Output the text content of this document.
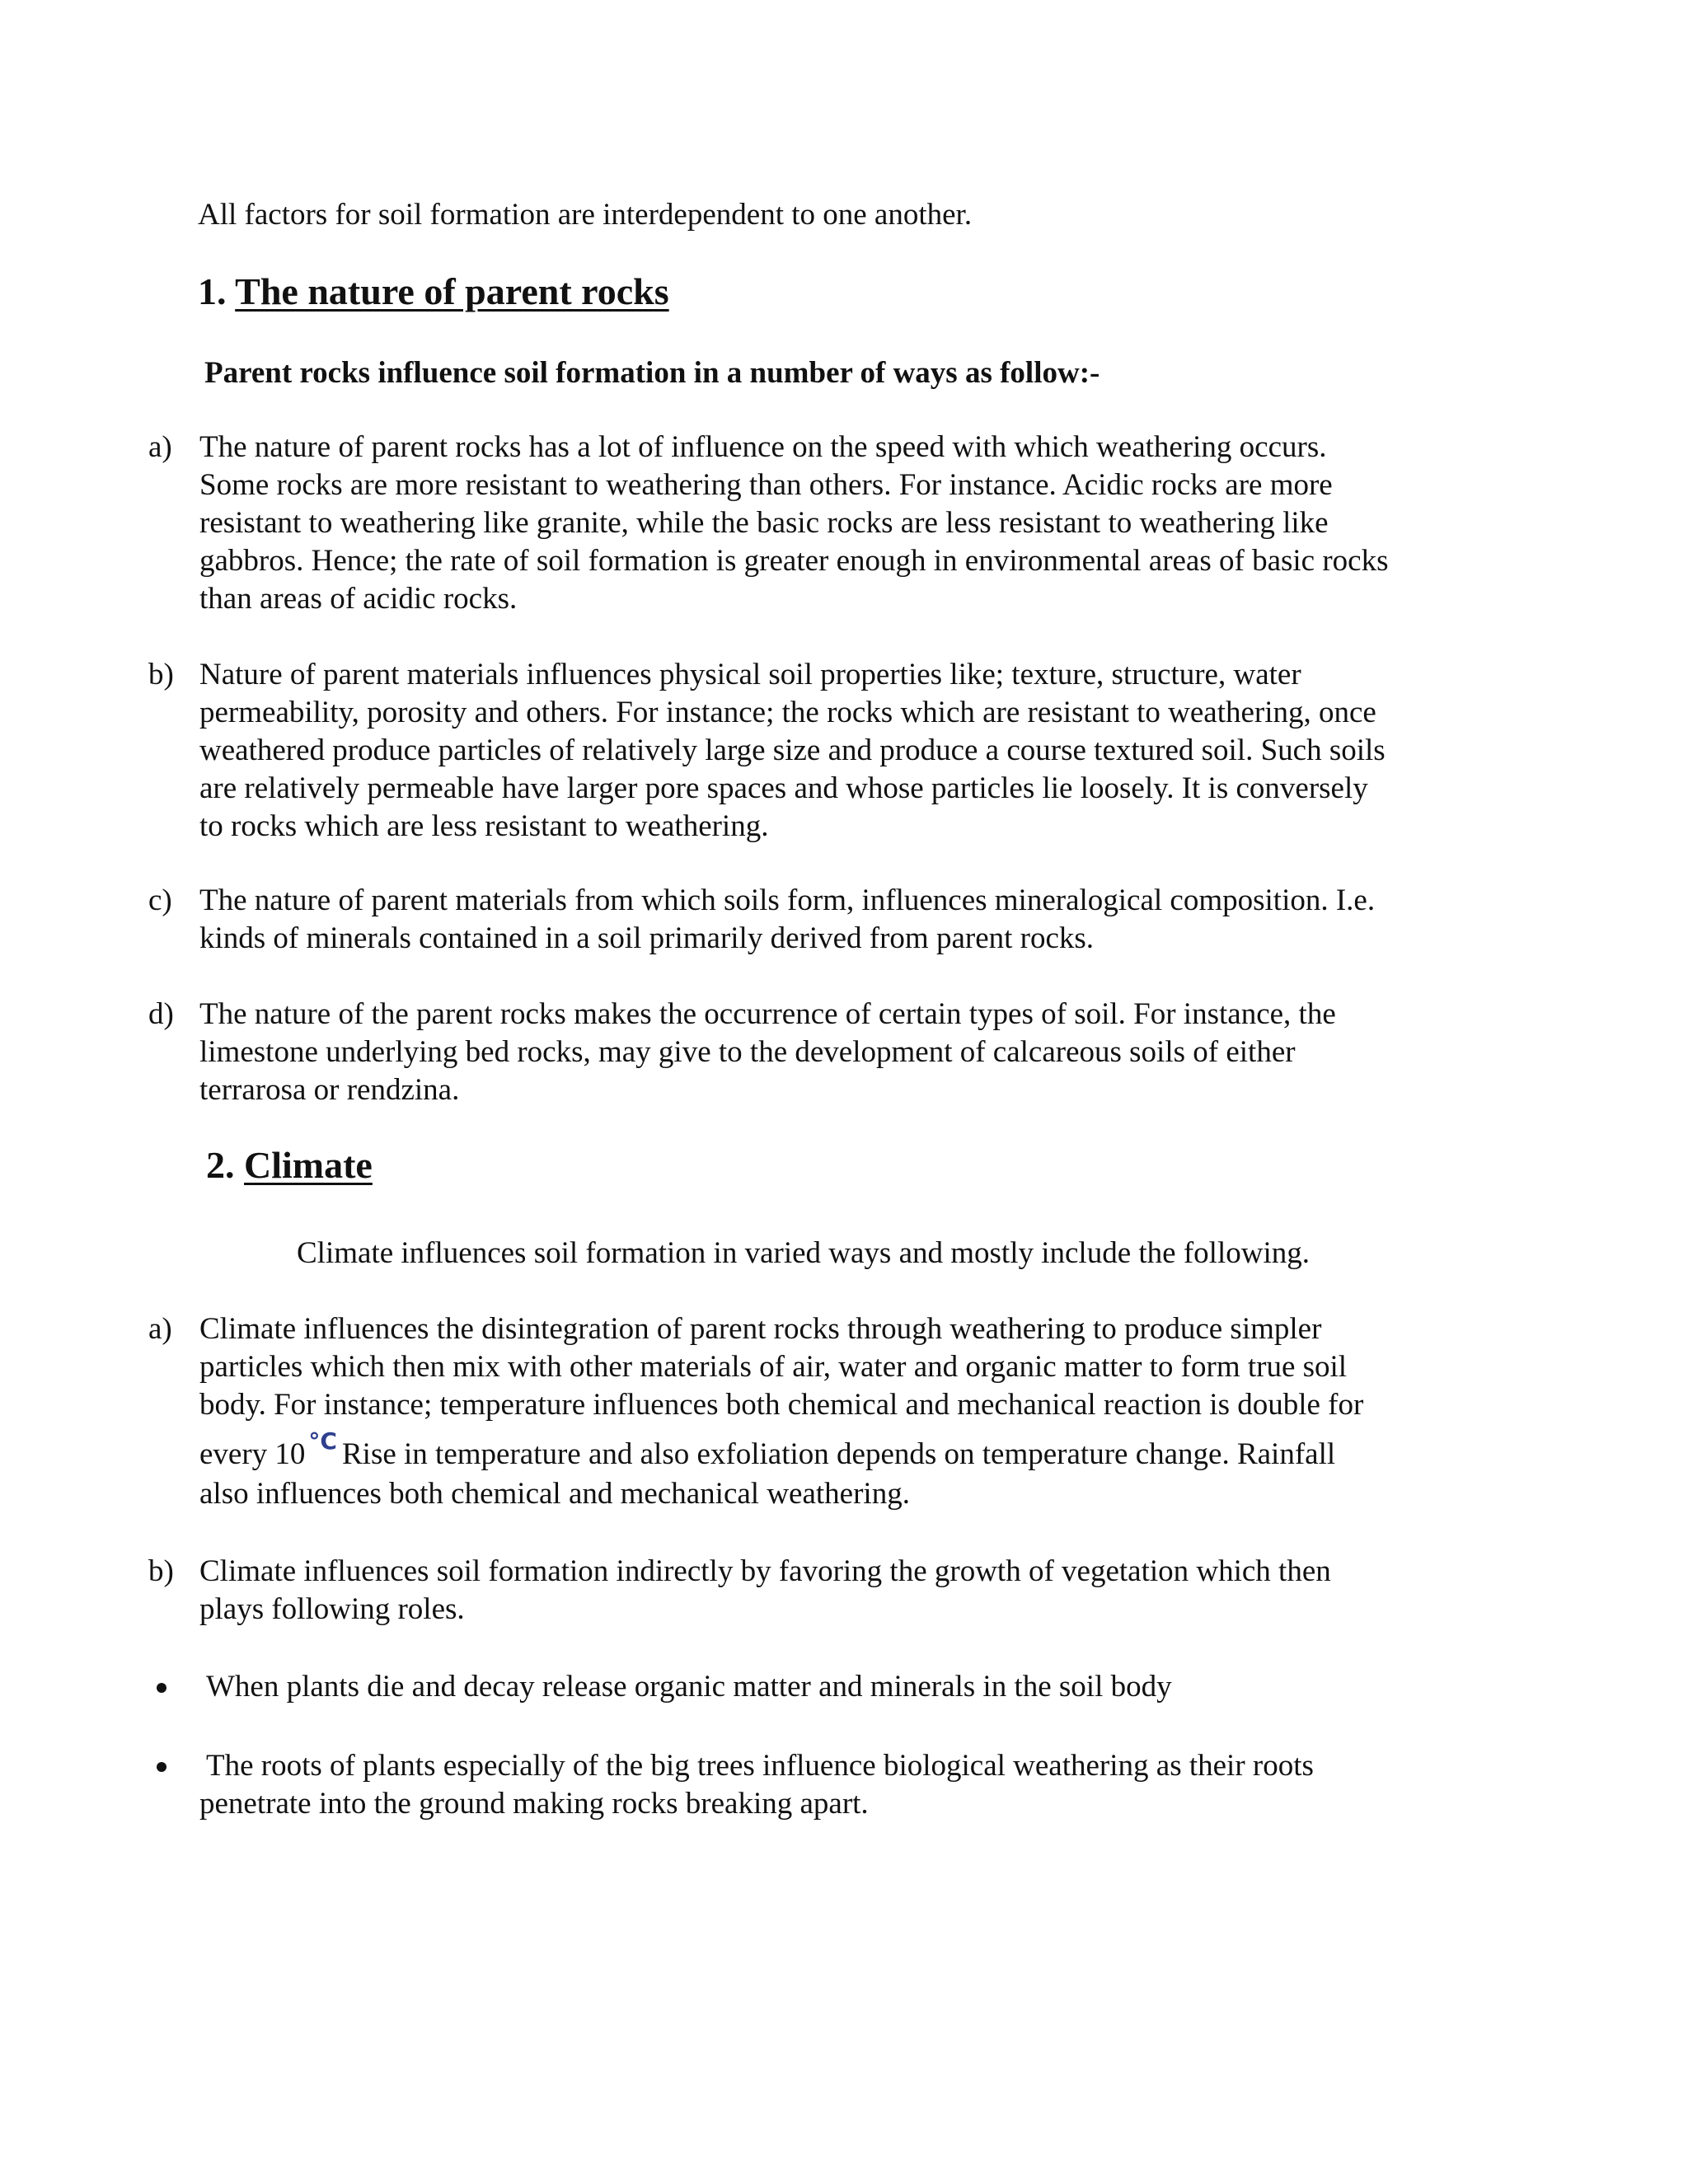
All factors for soil formation are interdependent to one another.
1. The nature of parent rocks
Parent rocks influence soil formation in a number of ways as follow:-
a) The nature of parent rocks has a lot of influence on the speed with which weathering occurs.
Some rocks are more resistant to weathering than others. For instance. Acidic rocks are more
resistant to weathering like granite, while the basic rocks are less resistant to weathering like
gabbros. Hence; the rate of soil formation is greater enough in environmental areas of basic rocks
than areas of acidic rocks.
b) Nature of parent materials influences physical soil properties like; texture, structure, water
permeability, porosity and others. For instance; the rocks which are resistant to weathering, once
weathered produce particles of relatively large size and produce a course textured soil. Such soils
are relatively permeable have larger pore spaces and whose particles lie loosely. It is conversely
to rocks which are less resistant to weathering.
c) The nature of parent materials from which soils form, influences mineralogical composition. I.e.
kinds of minerals contained in a soil primarily derived from parent rocks.
d) The nature of the parent rocks makes the occurrence of certain types of soil. For instance, the
limestone underlying bed rocks, may give to the development of calcareous soils of either
terrarosa or rendzina.
2. Climate
Climate influences soil formation in varied ways and mostly include the following.
a) Climate influences the disintegration of parent rocks through weathering to produce simpler
particles which then mix with other materials of air, water and organic matter to form true soil
body. For instance; temperature influences both chemical and mechanical reaction is double for
every 10 $^{^\circ C}$ Rise in temperature and also exfoliation depends on temperature change. Rainfall
also influences both chemical and mechanical weathering.
b) Climate influences soil formation indirectly by favoring the growth of vegetation which then
plays following roles.
When plants die and decay release organic matter and minerals in the soil body
The roots of plants especially of the big trees influence biological weathering as their roots
penetrate into the ground making rocks breaking apart.
